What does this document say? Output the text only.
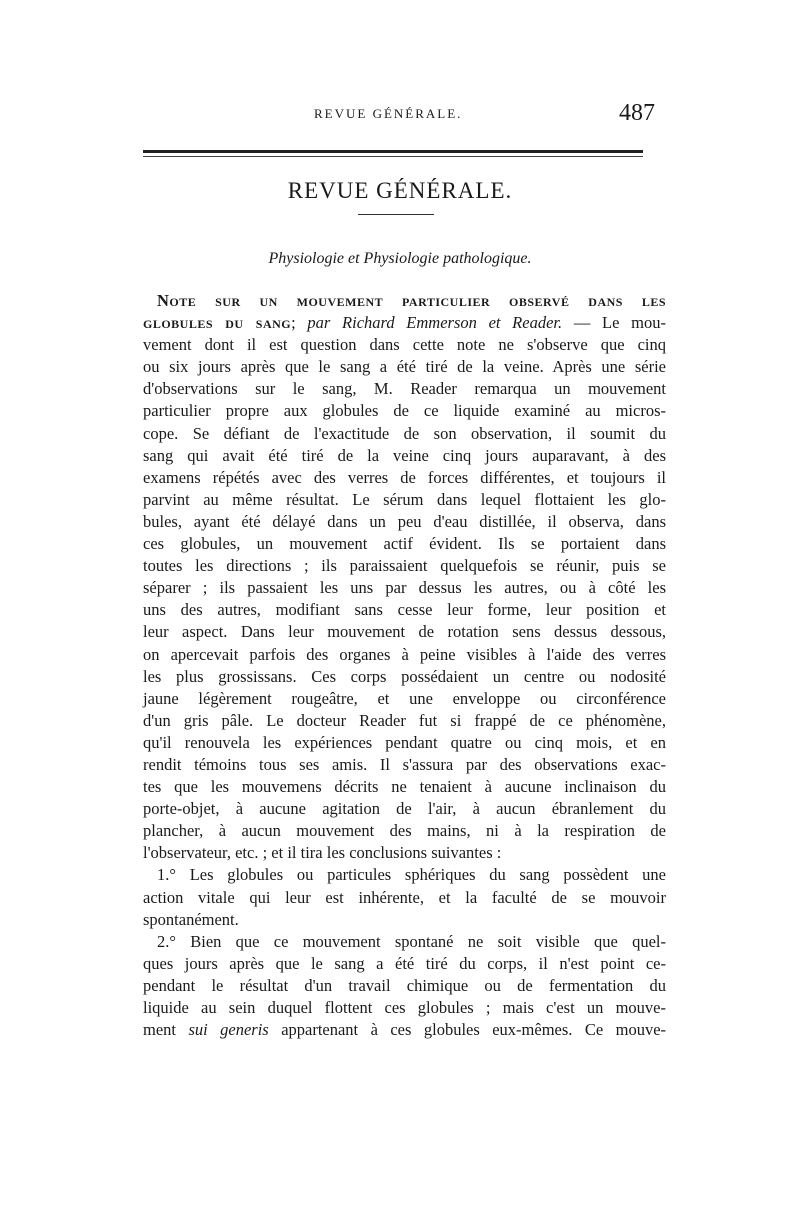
REVUE GÉNÉRALE.	487
REVUE GÉNÉRALE.
Physiologie et Physiologie pathologique.
Note sur un mouvement particulier observé dans les
globules du sang; par Richard Emmerson et Reader. — Le mou-
vement dont il est question dans cette note ne s'observe que cinq
ou six jours après que le sang a été tiré de la veine. Après une série
d'observations sur le sang, M. Reader remarqua un mouvement
particulier propre aux globules de ce liquide examiné au micros-
cope. Se défiant de l'exactitude de son observation, il soumit du
sang qui avait été tiré de la veine cinq jours auparavant, à des
examens répétés avec des verres de forces différentes, et toujours il
parvint au même résultat. Le sérum dans lequel flottaient les glo-
bules, ayant été délayé dans un peu d'eau distillée, il observa, dans
ces globules, un mouvement actif évident. Ils se portaient dans
toutes les directions ; ils paraissaient quelquefois se réunir, puis se
séparer ; ils passaient les uns par dessus les autres, ou à côté les
uns des autres, modifiant sans cesse leur forme, leur position et
leur aspect. Dans leur mouvement de rotation sens dessus dessous,
on apercevait parfois des organes à peine visibles à l'aide des verres
les plus grossissans. Ces corps possédaient un centre ou nodosité
jaune légèrement rougeâtre, et une enveloppe ou circonférence
d'un gris pâle. Le docteur Reader fut si frappé de ce phénomène,
qu'il renouvela les expériences pendant quatre ou cinq mois, et en
rendit témoins tous ses amis. Il s'assura par des observations exac-
tes que les mouvemens décrits ne tenaient à aucune inclinaison du
porte-objet, à aucune agitation de l'air, à aucun ébranlement du
plancher, à aucun mouvement des mains, ni à la respiration de
l'observateur, etc. ; et il tira les conclusions suivantes :
1.° Les globules ou particules sphériques du sang possèdent une
action vitale qui leur est inhérente, et la faculté de se mouvoir
spontanément.
2.° Bien que ce mouvement spontané ne soit visible que quel-
ques jours après que le sang a été tiré du corps, il n'est point ce-
pendant le résultat d'un travail chimique ou de fermentation du
liquide au sein duquel flottent ces globules ; mais c'est un mouve-
ment sui generis appartenant à ces globules eux-mêmes. Ce mouve-
